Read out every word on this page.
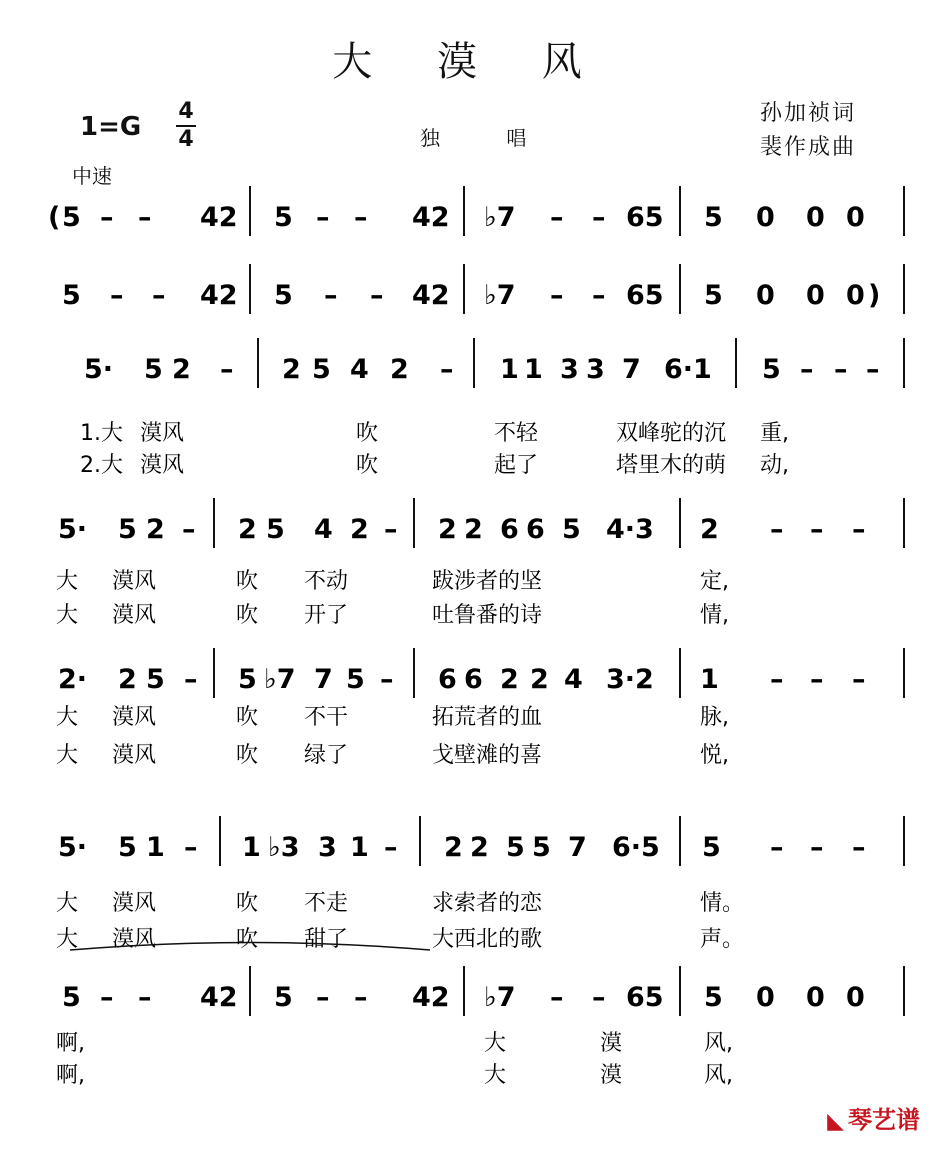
大 漠 风
1=G
4
4	独 唱
孙加祯词
裴作成曲
中速
( 5 – – 42 5 – – 42 ♭7 – – 65 5 0 0 0
5 – – 42 5 – – 42 ♭7 – – 65 5 0 0 0 )
5· 5 2 – 2 5 4 2 – 1 1 3 3 7 6·1 5 – – –
1.大 漠风	吹	不轻	双峰驼的沉 重,
2.大 漠风	吹	起了	塔里木的萌 动,
5· 5 2 – 2 5 4 2 – 2 2 6 6 5 4·3 2 – – –
大 漠风	吹 不动	跋涉者的坚	定,
大 漠风	吹 开了	吐鲁番的诗	情,
2· 2 5 – 5 ♭7 7 5 – 6 6 2 2 4 3·2 1 – – –
大 漠风	吹 不干	拓荒者的血	脉,
大 漠风	吹 绿了	戈壁滩的喜	悦,
5· 5 1 – 1 ♭3 3 1 – 2 2 5 5 7 6·5 5 – – –
大 漠风	吹 不走	求索者的恋	情。
大 漠风	吹 甜了	大西北的歌	声。
5 – – 42 5 – – 42 ♭7 – – 65 5 0 0 0
啊,	大	漠	风,
啊,	大	漠	风,
◣ 琴艺谱
